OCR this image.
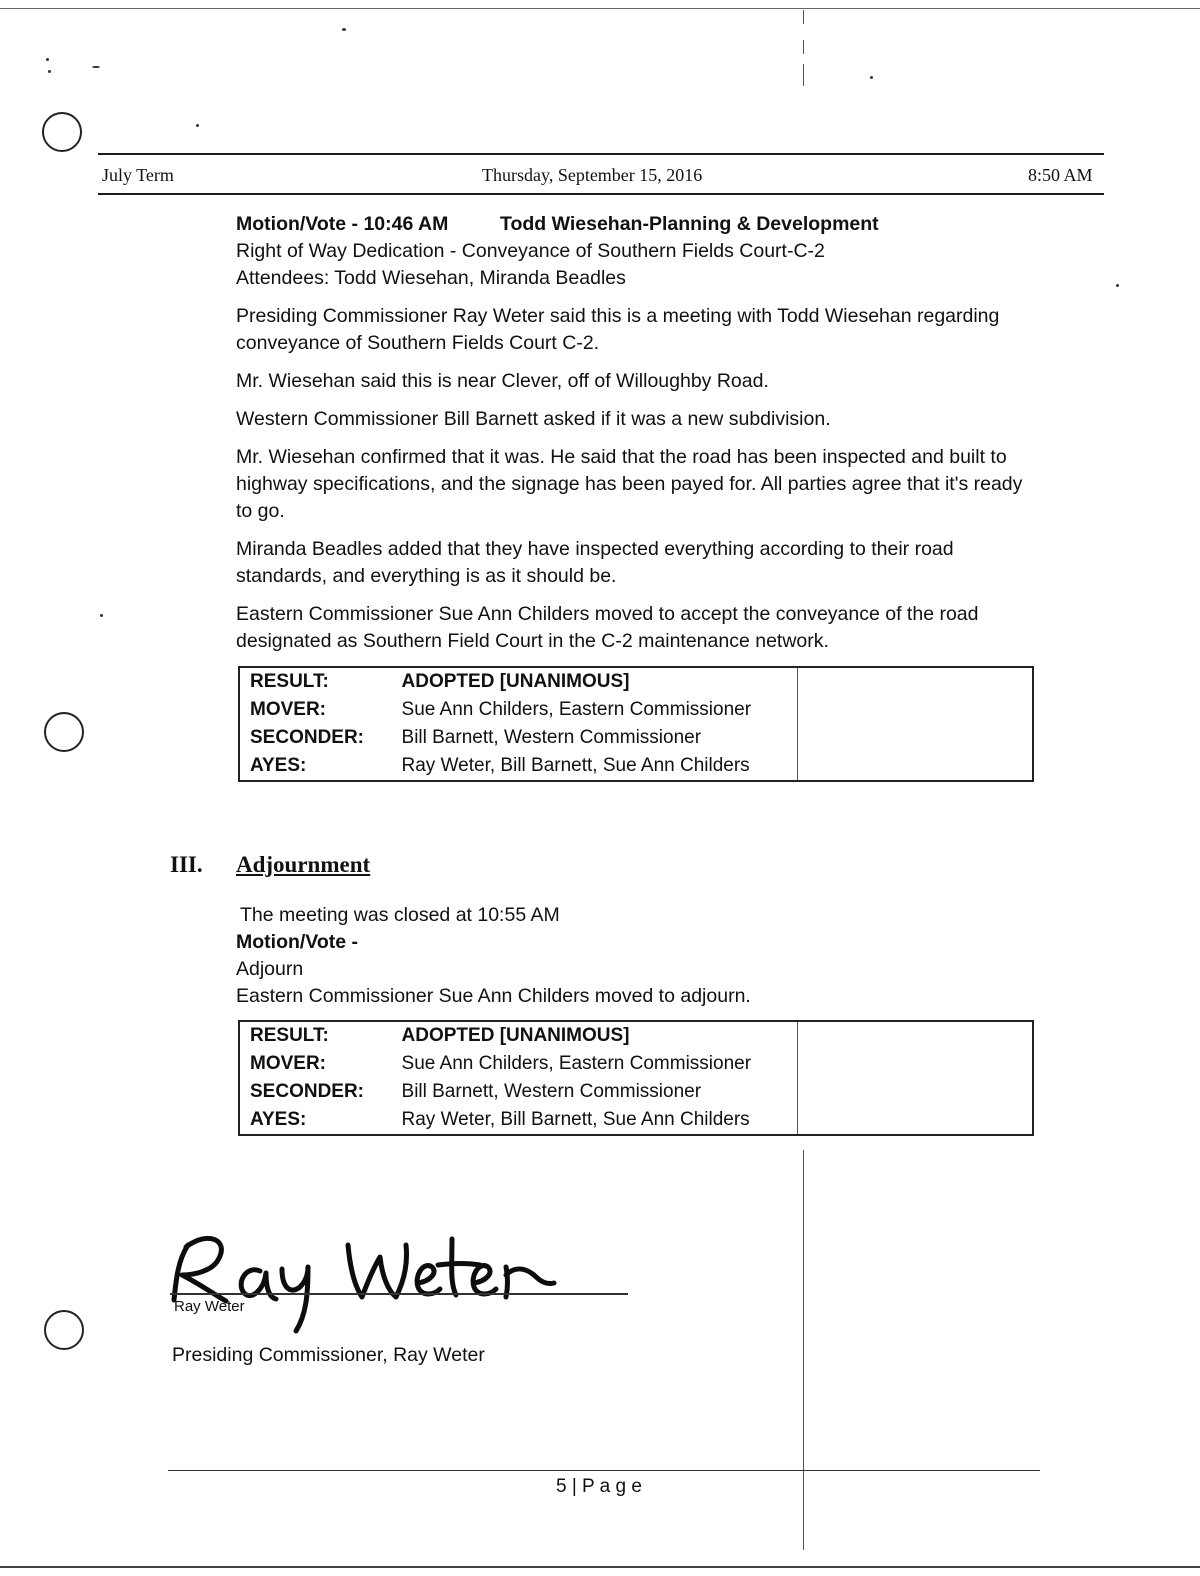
July Term	Thursday, September 15, 2016	8:50 AM
Motion/Vote - 10:46 AM	Todd Wiesehan-Planning & Development
Right of Way Dedication - Conveyance of Southern Fields Court-C-2
Attendees: Todd Wiesehan, Miranda Beadles

Presiding Commissioner Ray Weter said this is a meeting with Todd Wiesehan regarding conveyance of Southern Fields Court C-2.

Mr. Wiesehan said this is near Clever, off of Willoughby Road.

Western Commissioner Bill Barnett asked if it was a new subdivision.

Mr. Wiesehan confirmed that it was. He said that the road has been inspected and built to highway specifications, and the signage has been payed for. All parties agree that it's ready to go.

Miranda Beadles added that they have inspected everything according to their road standards, and everything is as it should be.

Eastern Commissioner Sue Ann Childers moved to accept the conveyance of the road designated as Southern Field Court in the C-2 maintenance network.

RESULT:	ADOPTED [UNANIMOUS]	
MOVER:	Sue Ann Childers, Eastern Commissioner	
SECONDER:	Bill Barnett, Western Commissioner	
AYES:	Ray Weter, Bill Barnett, Sue Ann Childers	
III. Adjournment
The meeting was closed at 10:55 AM
Motion/Vote -
Adjourn
Eastern Commissioner Sue Ann Childers moved to adjourn.
RESULT:	ADOPTED [UNANIMOUS]	
MOVER:	Sue Ann Childers, Eastern Commissioner	
SECONDER:	Bill Barnett, Western Commissioner	
AYES:	Ray Weter, Bill Barnett, Sue Ann Childers	
Ray Weter
Presiding Commissioner, Ray Weter
5 | P a g e
